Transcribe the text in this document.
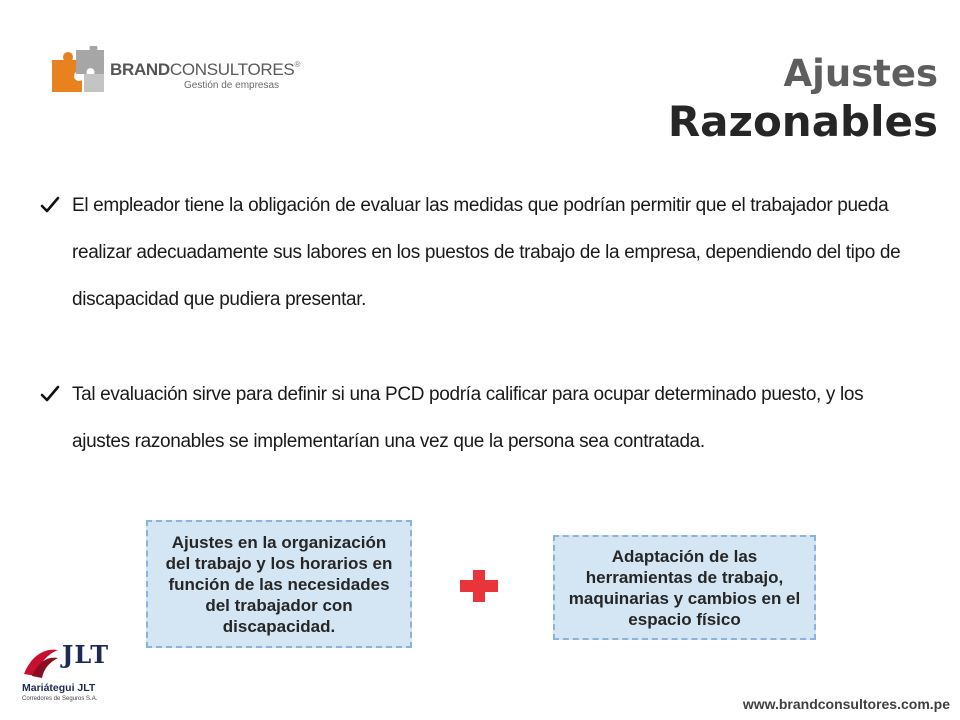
BRANDCONSULTORES®
Gestión de empresas	Ajustes
Razonables
El empleador tiene la obligación de evaluar las medidas que podrían permitir que el trabajador pueda realizar adecuadamente sus labores en los puestos de trabajo de la empresa, dependiendo del tipo de discapacidad que pudiera presentar.
Tal evaluación sirve para definir si una PCD podría calificar para ocupar determinado puesto, y los ajustes razonables se implementarían una vez que la persona sea contratada.
Ajustes en la organización del trabajo y los horarios en función de las necesidades del trabajador con discapacidad.
Adaptación de las herramientas de trabajo, maquinarias y cambios en el espacio físico
JLT
Mariátegui JLT
Corredores de Seguros S.A.	www.brandconsultores.com.pe
